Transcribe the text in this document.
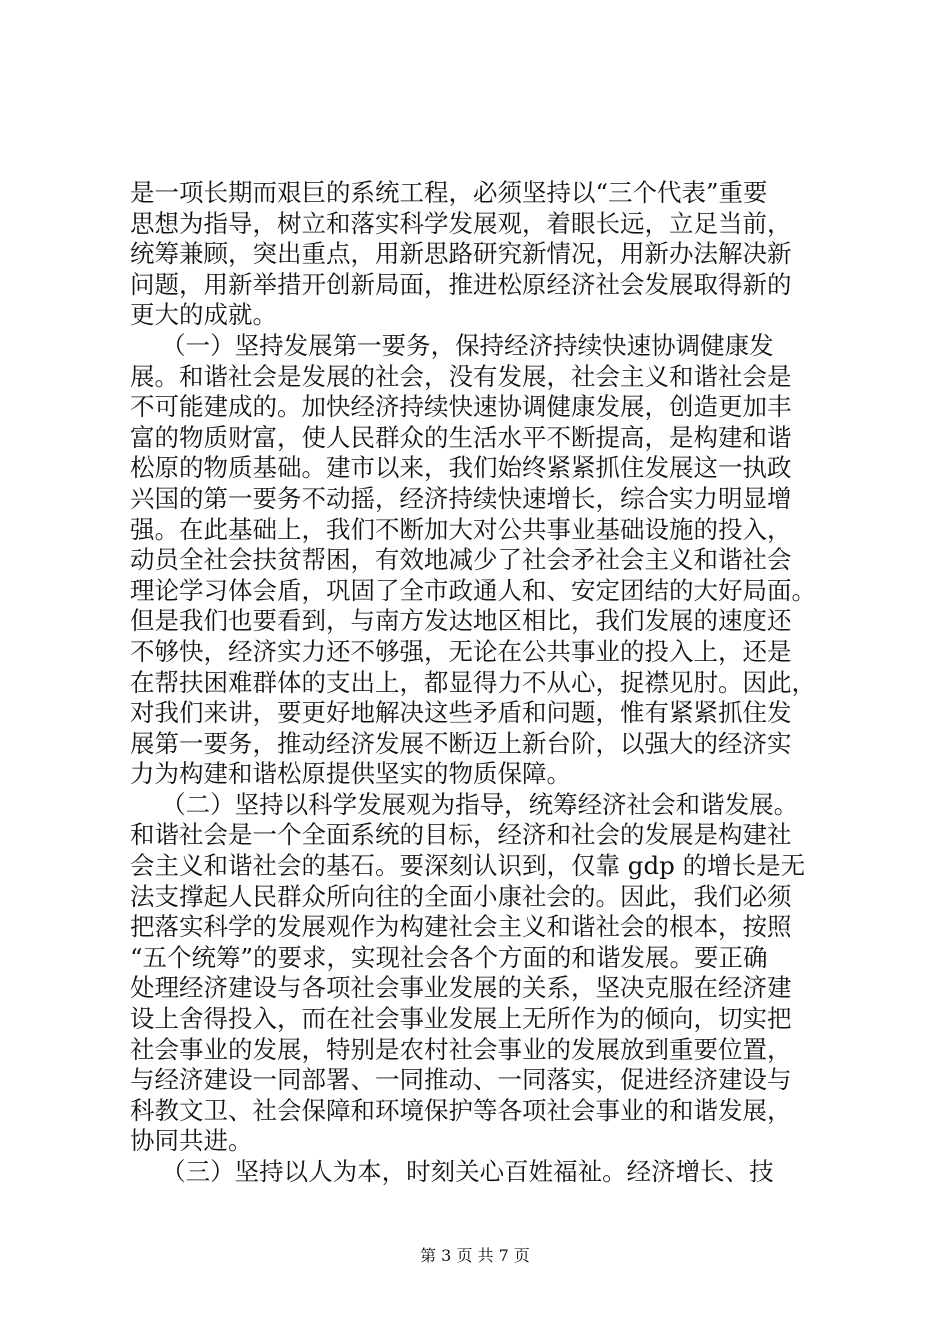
是一项长期而艰巨的系统工程，必须坚持以“三个代表”重要
思想为指导，树立和落实科学发展观，着眼长远，立足当前，
统筹兼顾，突出重点，用新思路研究新情况，用新办法解决新
问题，用新举措开创新局面，推进松原经济社会发展取得新的
更大的成就。
（一）坚持发展第一要务，保持经济持续快速协调健康发
展。和谐社会是发展的社会，没有发展，社会主义和谐社会是
不可能建成的。加快经济持续快速协调健康发展，创造更加丰
富的物质财富，使人民群众的生活水平不断提高，是构建和谐
松原的物质基础。建市以来，我们始终紧紧抓住发展这一执政
兴国的第一要务不动摇，经济持续快速增长，综合实力明显增
强。在此基础上，我们不断加大对公共事业基础设施的投入，
动员全社会扶贫帮困，有效地减少了社会矛社会主义和谐社会
理论学习体会盾，巩固了全市政通人和、安定团结的大好局面。
但是我们也要看到，与南方发达地区相比，我们发展的速度还
不够快，经济实力还不够强，无论在公共事业的投入上，还是
在帮扶困难群体的支出上，都显得力不从心，捉襟见肘。因此，
对我们来讲，要更好地解决这些矛盾和问题，惟有紧紧抓住发
展第一要务，推动经济发展不断迈上新台阶，以强大的经济实
力为构建和谐松原提供坚实的物质保障。
（二）坚持以科学发展观为指导，统筹经济社会和谐发展。
和谐社会是一个全面系统的目标，经济和社会的发展是构建社
会主义和谐社会的基石。要深刻认识到，仅靠 gdp 的增长是无
法支撑起人民群众所向往的全面小康社会的。因此，我们必须
把落实科学的发展观作为构建社会主义和谐社会的根本，按照
“五个统筹”的要求，实现社会各个方面的和谐发展。要正确
处理经济建设与各项社会事业发展的关系，坚决克服在经济建
设上舍得投入，而在社会事业发展上无所作为的倾向，切实把
社会事业的发展，特别是农村社会事业的发展放到重要位置，
与经济建设一同部署、一同推动、一同落实，促进经济建设与
科教文卫、社会保障和环境保护等各项社会事业的和谐发展，
协同共进。
（三）坚持以人为本，时刻关心百姓福祉。经济增长、技
第 3 页 共 7 页
